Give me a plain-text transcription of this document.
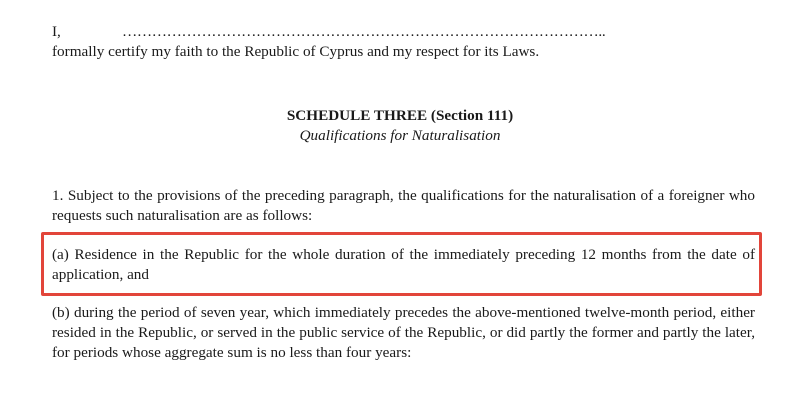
I,	……………………………………………………………………………………..
formally certify my faith to the Republic of Cyprus and my respect for its Laws.
SCHEDULE THREE (Section 111)
Qualifications for Naturalisation
1. Subject to the provisions of the preceding paragraph, the qualifications for the naturalisation of a foreigner who requests such naturalisation are as follows:
(a) Residence in the Republic for the whole duration of the immediately preceding 12 months from the date of application, and
(b) during the period of seven year, which immediately precedes the above-mentioned twelve-month period, either resided in the Republic, or served in the public service of the Republic, or did partly the former and partly the later, for periods whose aggregate sum is no less than four years:
